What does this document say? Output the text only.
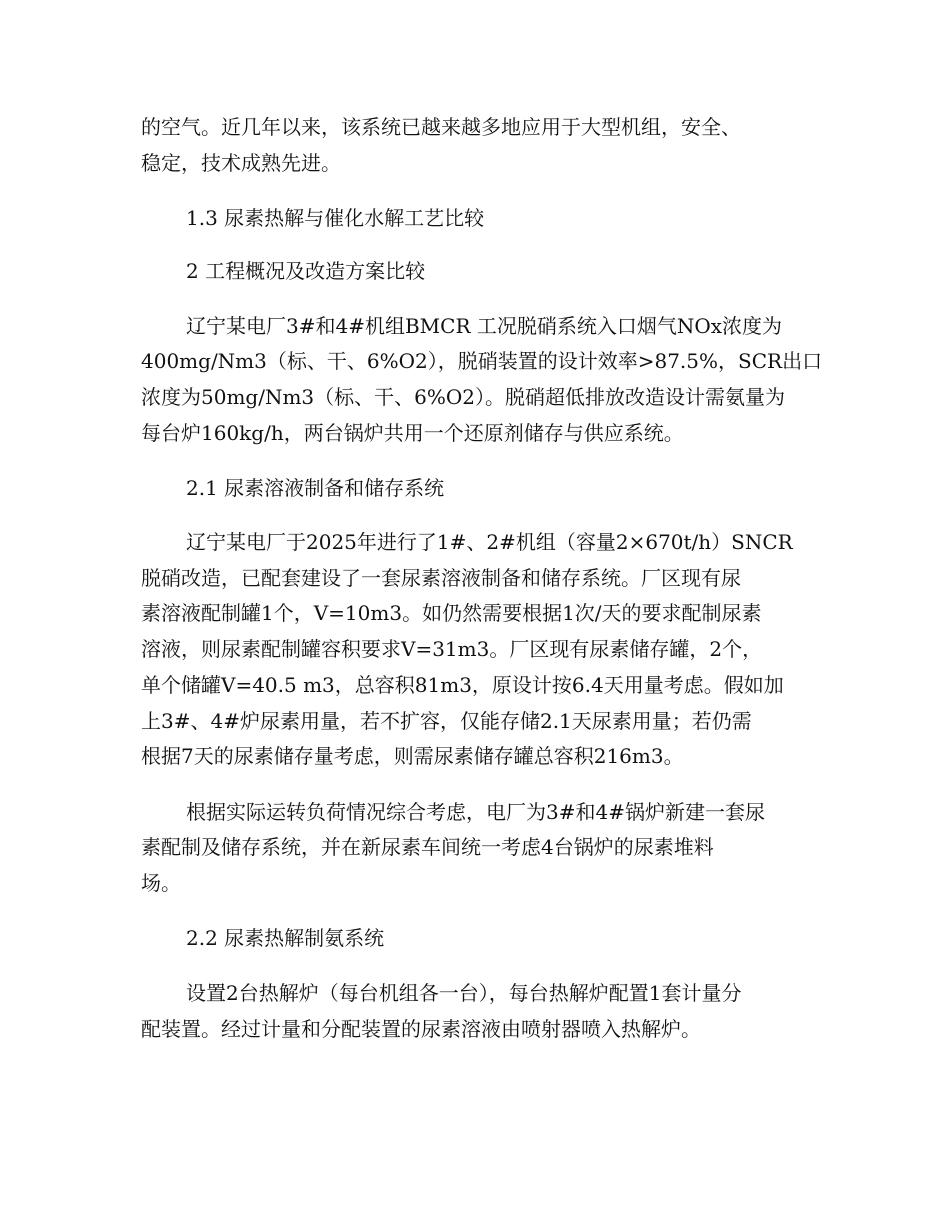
的空气。近几年以来，该系统已越来越多地应用于大型机组，安全、
稳定，技术成熟先进。
1.3 尿素热解与催化水解工艺比较
2 工程概况及改造方案比较
辽宁某电厂3#和4#机组BMCR 工况脱硝系统入口烟气NOx浓度为
400mg/Nm3（标、干、6%O2），脱硝装置的设计效率>87.5%，SCR出口
浓度为50mg/Nm3（标、干、6%O2）。脱硝超低排放改造设计需氨量为
每台炉160kg/h，两台锅炉共用一个还原剂储存与供应系统。
2.1 尿素溶液制备和储存系统
辽宁某电厂于2025年进行了1#、2#机组（容量2×670t/h）SNCR
脱硝改造，已配套建设了一套尿素溶液制备和储存系统。厂区现有尿
素溶液配制罐1个，V=10m3。如仍然需要根据1次/天的要求配制尿素
溶液，则尿素配制罐容积要求V=31m3。厂区现有尿素储存罐，2个，
单个储罐V=40.5 m3，总容积81m3，原设计按6.4天用量考虑。假如加
上3#、4#炉尿素用量，若不扩容，仅能存储2.1天尿素用量；若仍需
根据7天的尿素储存量考虑，则需尿素储存罐总容积216m3。
根据实际运转负荷情况综合考虑，电厂为3#和4#锅炉新建一套尿
素配制及储存系统，并在新尿素车间统一考虑4台锅炉的尿素堆料
场。
2.2 尿素热解制氨系统
设置2台热解炉（每台机组各一台），每台热解炉配置1套计量分
配装置。经过计量和分配装置的尿素溶液由喷射器喷入热解炉。
